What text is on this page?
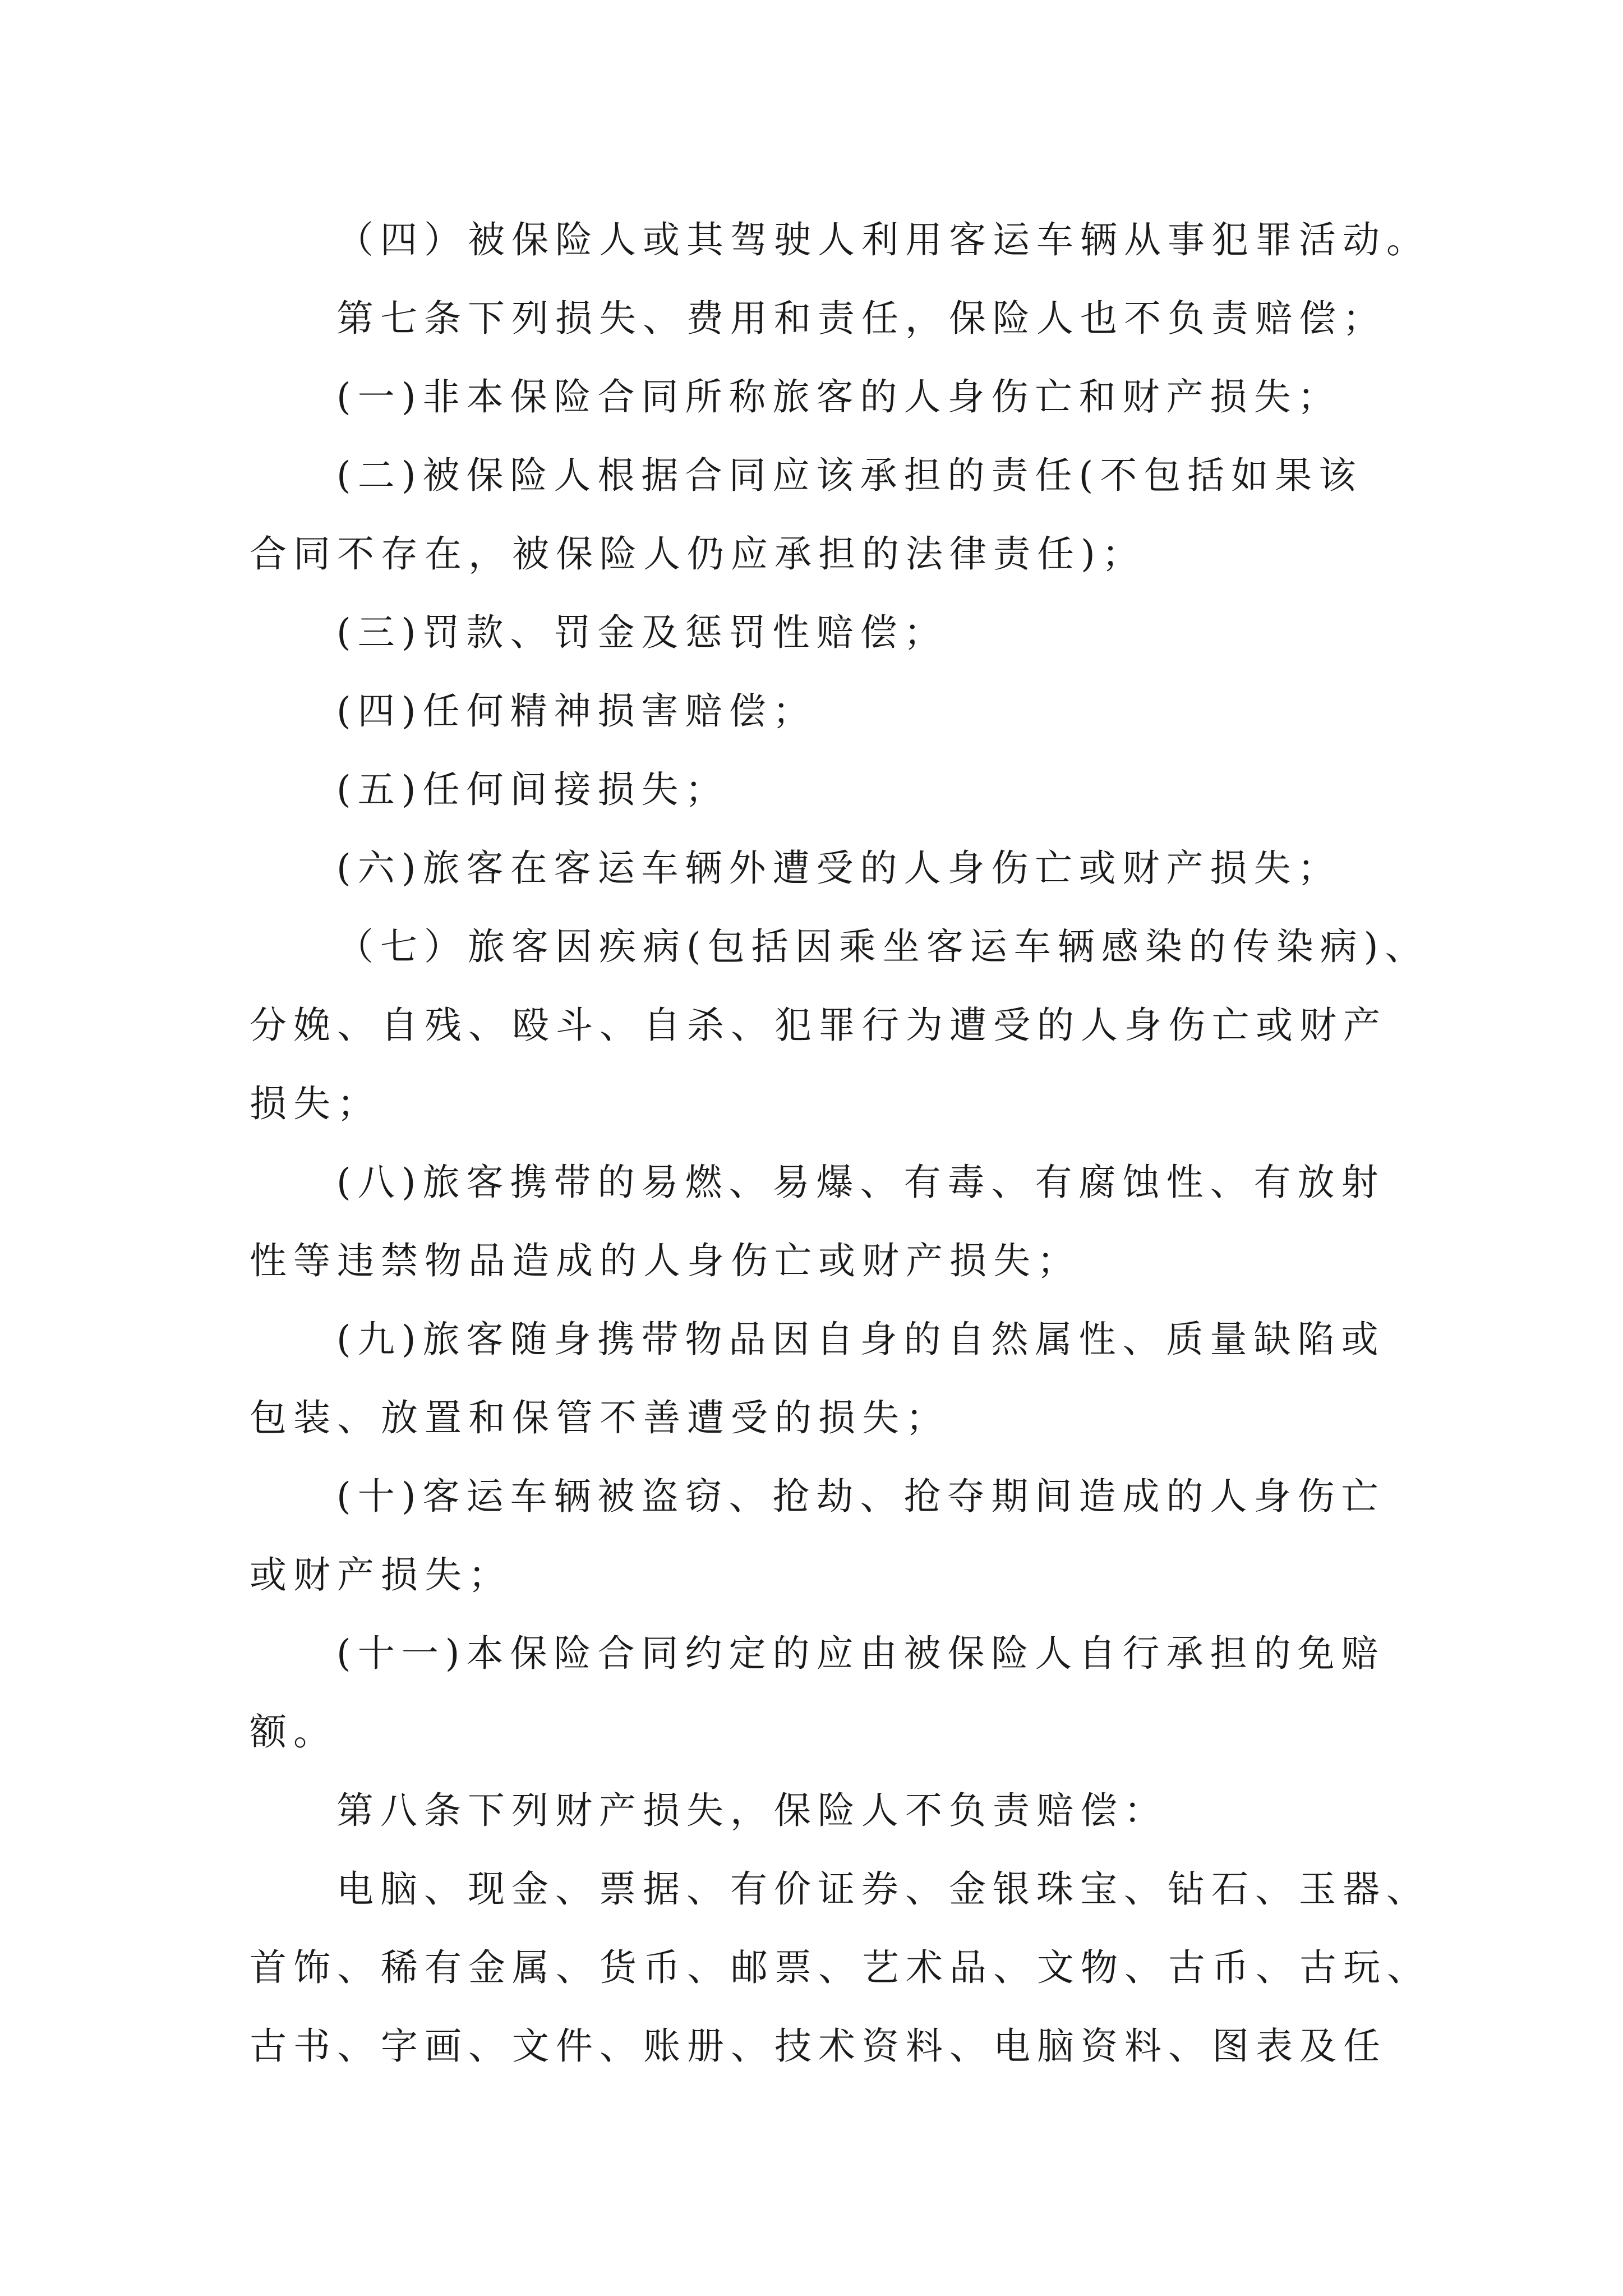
（四）被保险人或其驾驶人利用客运车辆从事犯罪活动。
第七条下列损失、费用和责任，保险人也不负责赔偿；
(一)非本保险合同所称旅客的人身伤亡和财产损失；
(二)被保险人根据合同应该承担的责任(不包括如果该
合同不存在，被保险人仍应承担的法律责任)；
(三)罚款、罚金及惩罚性赔偿；
(四)任何精神损害赔偿；
(五)任何间接损失；
(六)旅客在客运车辆外遭受的人身伤亡或财产损失；
（七）旅客因疾病(包括因乘坐客运车辆感染的传染病)、
分娩、自残、殴斗、自杀、犯罪行为遭受的人身伤亡或财产
损失；
(八)旅客携带的易燃、易爆、有毒、有腐蚀性、有放射
性等违禁物品造成的人身伤亡或财产损失；
(九)旅客随身携带物品因自身的自然属性、质量缺陷或
包装、放置和保管不善遭受的损失；
(十)客运车辆被盗窃、抢劫、抢夺期间造成的人身伤亡
或财产损失；
(十一)本保险合同约定的应由被保险人自行承担的免赔
额。
第八条下列财产损失，保险人不负责赔偿：
电脑、现金、票据、有价证券、金银珠宝、钻石、玉器、
首饰、稀有金属、货币、邮票、艺术品、文物、古币、古玩、
古书、字画、文件、账册、技术资料、电脑资料、图表及任
